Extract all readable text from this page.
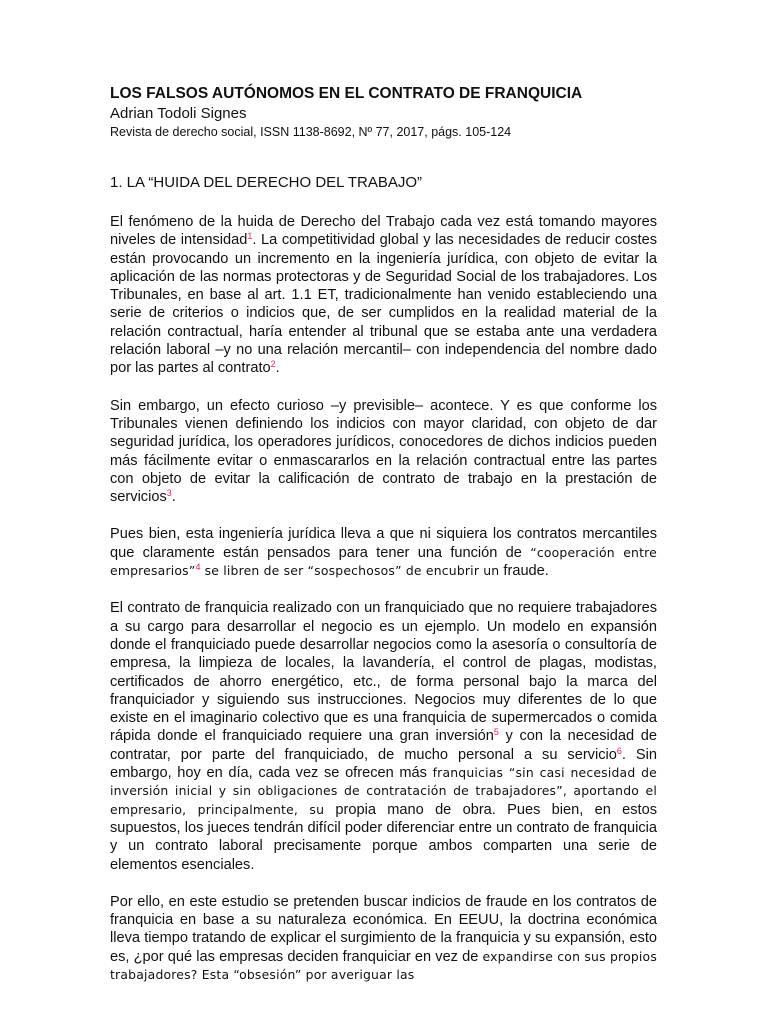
LOS FALSOS AUTÓNOMOS EN EL CONTRATO DE FRANQUICIA
Adrian Todoli Signes
Revista de derecho social, ISSN 1138-8692, Nº 77, 2017, págs. 105-124
1. LA “HUIDA DEL DERECHO DEL TRABAJO”

El fenómeno de la huida de Derecho del Trabajo cada vez está tomando mayores niveles de intensidad$^1$. La competitividad global y las necesidades de reducir costes están provocando un incremento en la ingeniería jurídica, con objeto de evitar la aplicación de las normas protectoras y de Seguridad Social de los trabajadores. Los Tribunales, en base al art. 1.1 ET, tradicionalmente han venido estableciendo una serie de criterios o indicios que, de ser cumplidos en la realidad material de la relación contractual, haría entender al tribunal que se estaba ante una verdadera relación laboral –y no una relación mercantil– con independencia del nombre dado por las partes al contrato$^2$.

Sin embargo, un efecto curioso –y previsible– acontece. Y es que conforme los Tribunales vienen definiendo los indicios con mayor claridad, con objeto de dar seguridad jurídica, los operadores jurídicos, conocedores de dichos indicios pueden más fácilmente evitar o enmascararlos en la relación contractual entre las partes con objeto de evitar la calificación de contrato de trabajo en la prestación de servicios$^3$.

Pues bien, esta ingeniería jurídica lleva a que ni siquiera los contratos mercantiles que claramente están pensados para tener una función de “cooperación entre empresarios”$^4$ se libren de ser “sospechosos” de encubrir un fraude.

El contrato de franquicia realizado con un franquiciado que no requiere trabajadores a su cargo para desarrollar el negocio es un ejemplo. Un modelo en expansión donde el franquiciado puede desarrollar negocios como la asesoría o consultoría de empresa, la limpieza de locales, la lavandería, el control de plagas, modistas, certificados de ahorro energético, etc., de forma personal bajo la marca del franquiciador y siguiendo sus instrucciones. Negocios muy diferentes de lo que existe en el imaginario colectivo que es una franquicia de supermercados o comida rápida donde el franquiciado requiere una gran inversión$^5$ y con la necesidad de contratar, por parte del franquiciado, de mucho personal a su servicio$^6$. Sin embargo, hoy en día, cada vez se ofrecen más franquicias “sin casi necesidad de inversión inicial y sin obligaciones de contratación de trabajadores”, aportando el empresario, principalmente, su propia mano de obra. Pues bien, en estos supuestos, los jueces tendrán difícil poder diferenciar entre un contrato de franquicia y un contrato laboral precisamente porque ambos comparten una serie de elementos esenciales.

Por ello, en este estudio se pretenden buscar indicios de fraude en los contratos de franquicia en base a su naturaleza económica. En EEUU, la doctrina económica lleva tiempo tratando de explicar el surgimiento de la franquicia y su expansión, esto es, ¿por qué las empresas deciden franquiciar en vez de expandirse con sus propios trabajadores? Esta “obsesión” por averiguar las
